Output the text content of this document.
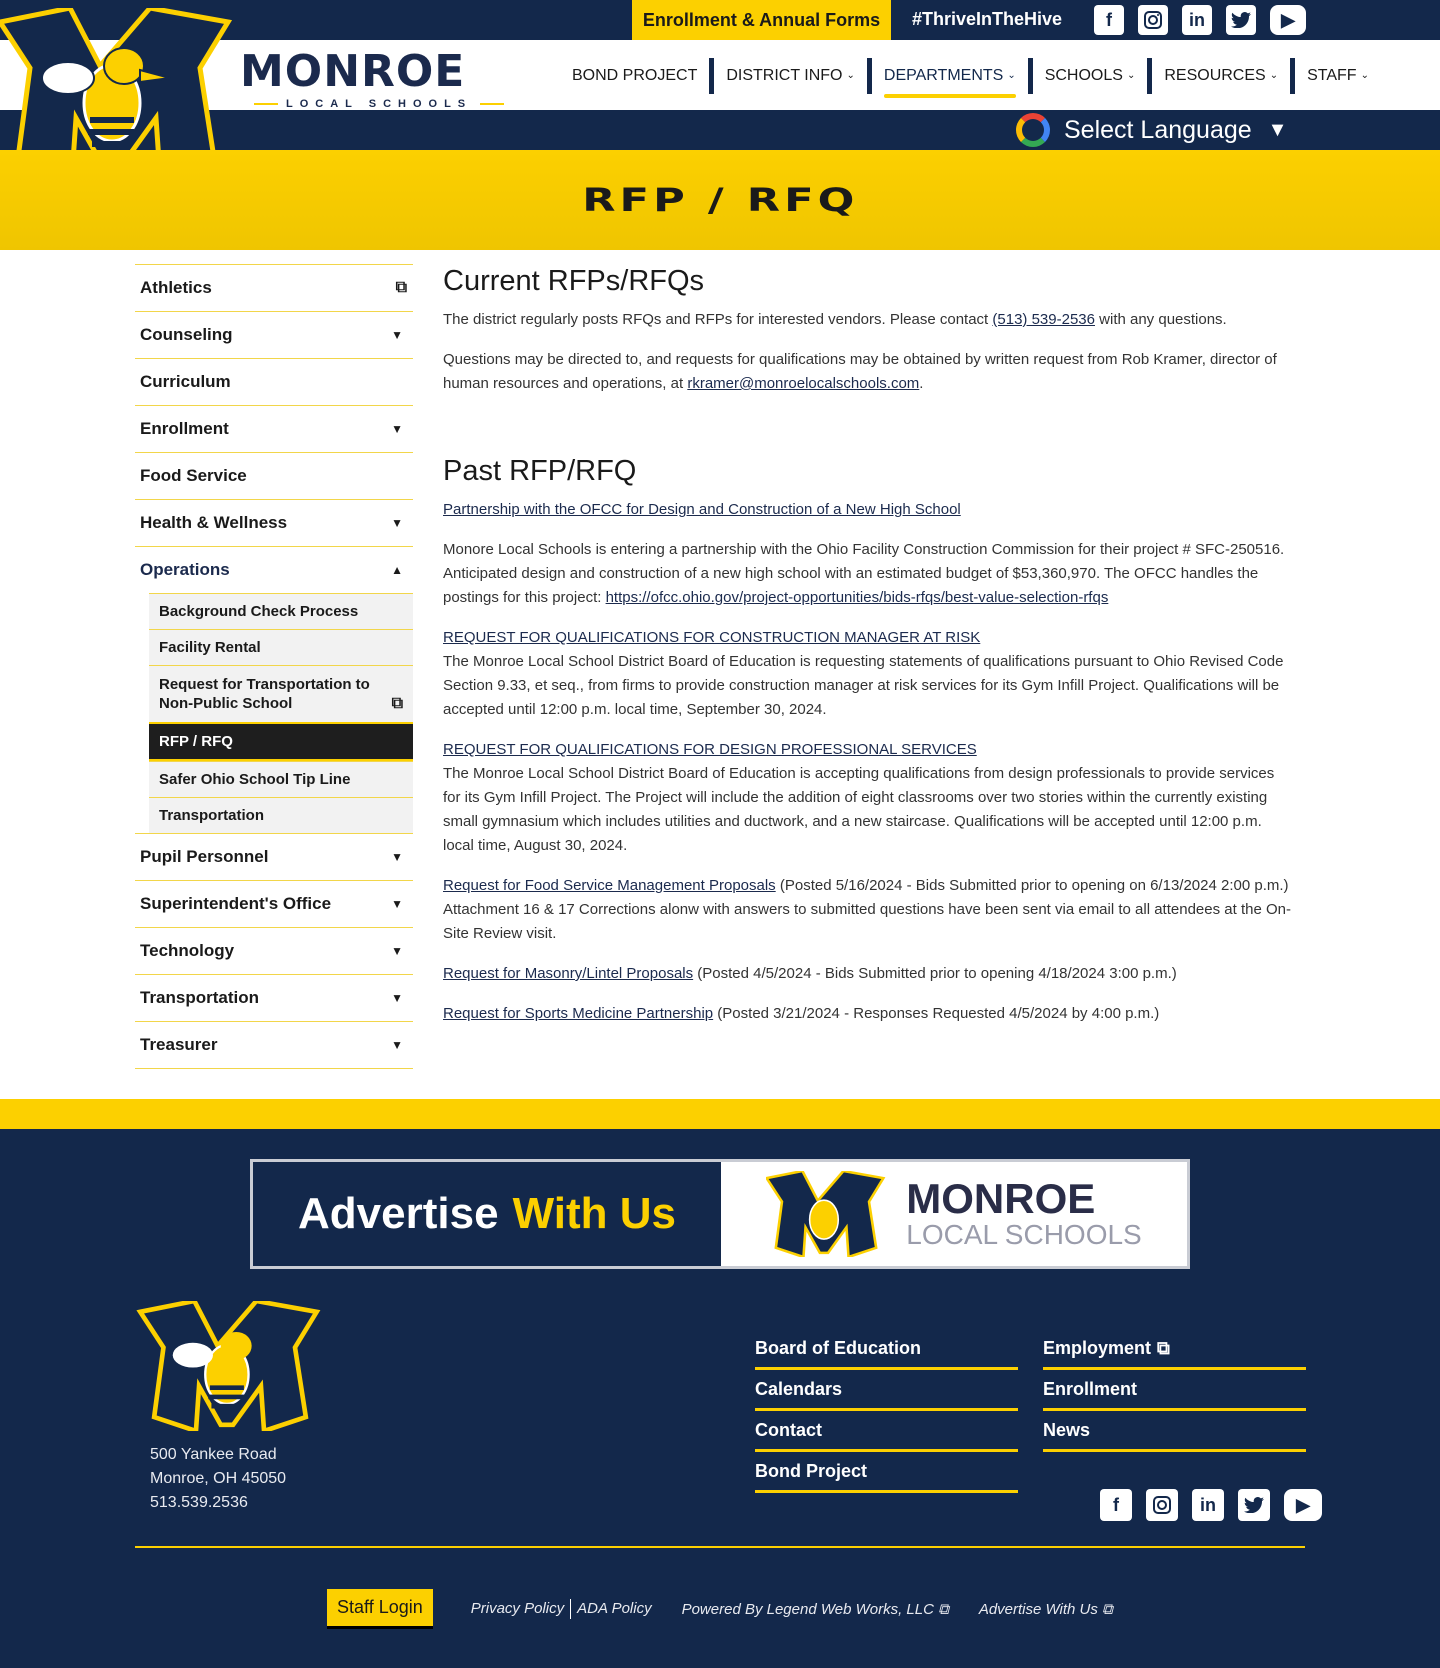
Enrollment & Annual Forms	#ThriveInTheHive	f	in	▶
MONROE
LOCAL SCHOOLS
BOND PROJECT	DISTRICT INFO ⌄	DEPARTMENTS ⌄	SCHOOLS ⌄	RESOURCES ⌄	STAFF ⌄
Select Language ▼
RFP / RFQ
Athletics	⧉
Counseling	▼
Curriculum
Enrollment	▼
Food Service
Health & Wellness	▼
Operations	▲
Background Check Process
Facility Rental
Request for Transportation to Non-Public School	⧉
RFP / RFQ
Safer Ohio School Tip Line
Transportation
Pupil Personnel	▼
Superintendent's Office	▼
Technology	▼
Transportation	▼
Treasurer	▼
Current RFPs/RFQs

The district regularly posts RFQs and RFPs for interested vendors. Please contact (513) 539-2536 with any questions.

Questions may be directed to, and requests for qualifications may be obtained by written request from Rob Kramer, director of human resources and operations, at rkramer@monroelocalschools.com.

Past RFP/RFQ

Partnership with the OFCC for Design and Construction of a New High School

Monore Local Schools is entering a partnership with the Ohio Facility Construction Commission for their project # SFC-250516. Anticipated design and construction of a new high school with an estimated budget of $53,360,970. The OFCC handles the postings for this project: https://ofcc.ohio.gov/project-opportunities/bids-rfqs/best-value-selection-rfqs

REQUEST FOR QUALIFICATIONS FOR CONSTRUCTION MANAGER AT RISK
The Monroe Local School District Board of Education is requesting statements of qualifications pursuant to Ohio Revised Code Section 9.33, et seq., from firms to provide construction manager at risk services for its Gym Infill Project. Qualifications will be accepted until 12:00 p.m. local time, September 30, 2024.

REQUEST FOR QUALIFICATIONS FOR DESIGN PROFESSIONAL SERVICES
The Monroe Local School District Board of Education is accepting qualifications from design professionals to provide services for its Gym Infill Project. The Project will include the addition of eight classrooms over two stories within the currently existing small gymnasium which includes utilities and ductwork, and a new staircase. Qualifications will be accepted until 12:00 p.m. local time, August 30, 2024.

Request for Food Service Management Proposals (Posted 5/16/2024 - Bids Submitted prior to opening on 6/13/2024 2:00 p.m.) Attachment 16 & 17 Corrections alonw with answers to submitted questions have been sent via email to all attendees at the On-Site Review visit.

Request for Masonry/Lintel Proposals (Posted 4/5/2024 - Bids Submitted prior to opening 4/18/2024 3:00 p.m.)

Request for Sports Medicine Partnership (Posted 3/21/2024 - Responses Requested 4/5/2024 by 4:00 p.m.)

Advertise With Us	MONROE
LOCAL SCHOOLS
500 Yankee Road
Monroe, OH 45050
513.539.2536
Board of Education	Employment ⧉
Calendars	Enrollment
Contact	News
Bond Project
f	in	▶
Staff Login	Privacy Policy ADA Policy Powered By Legend Web Works, LLC ⧉ Advertise With Us ⧉
